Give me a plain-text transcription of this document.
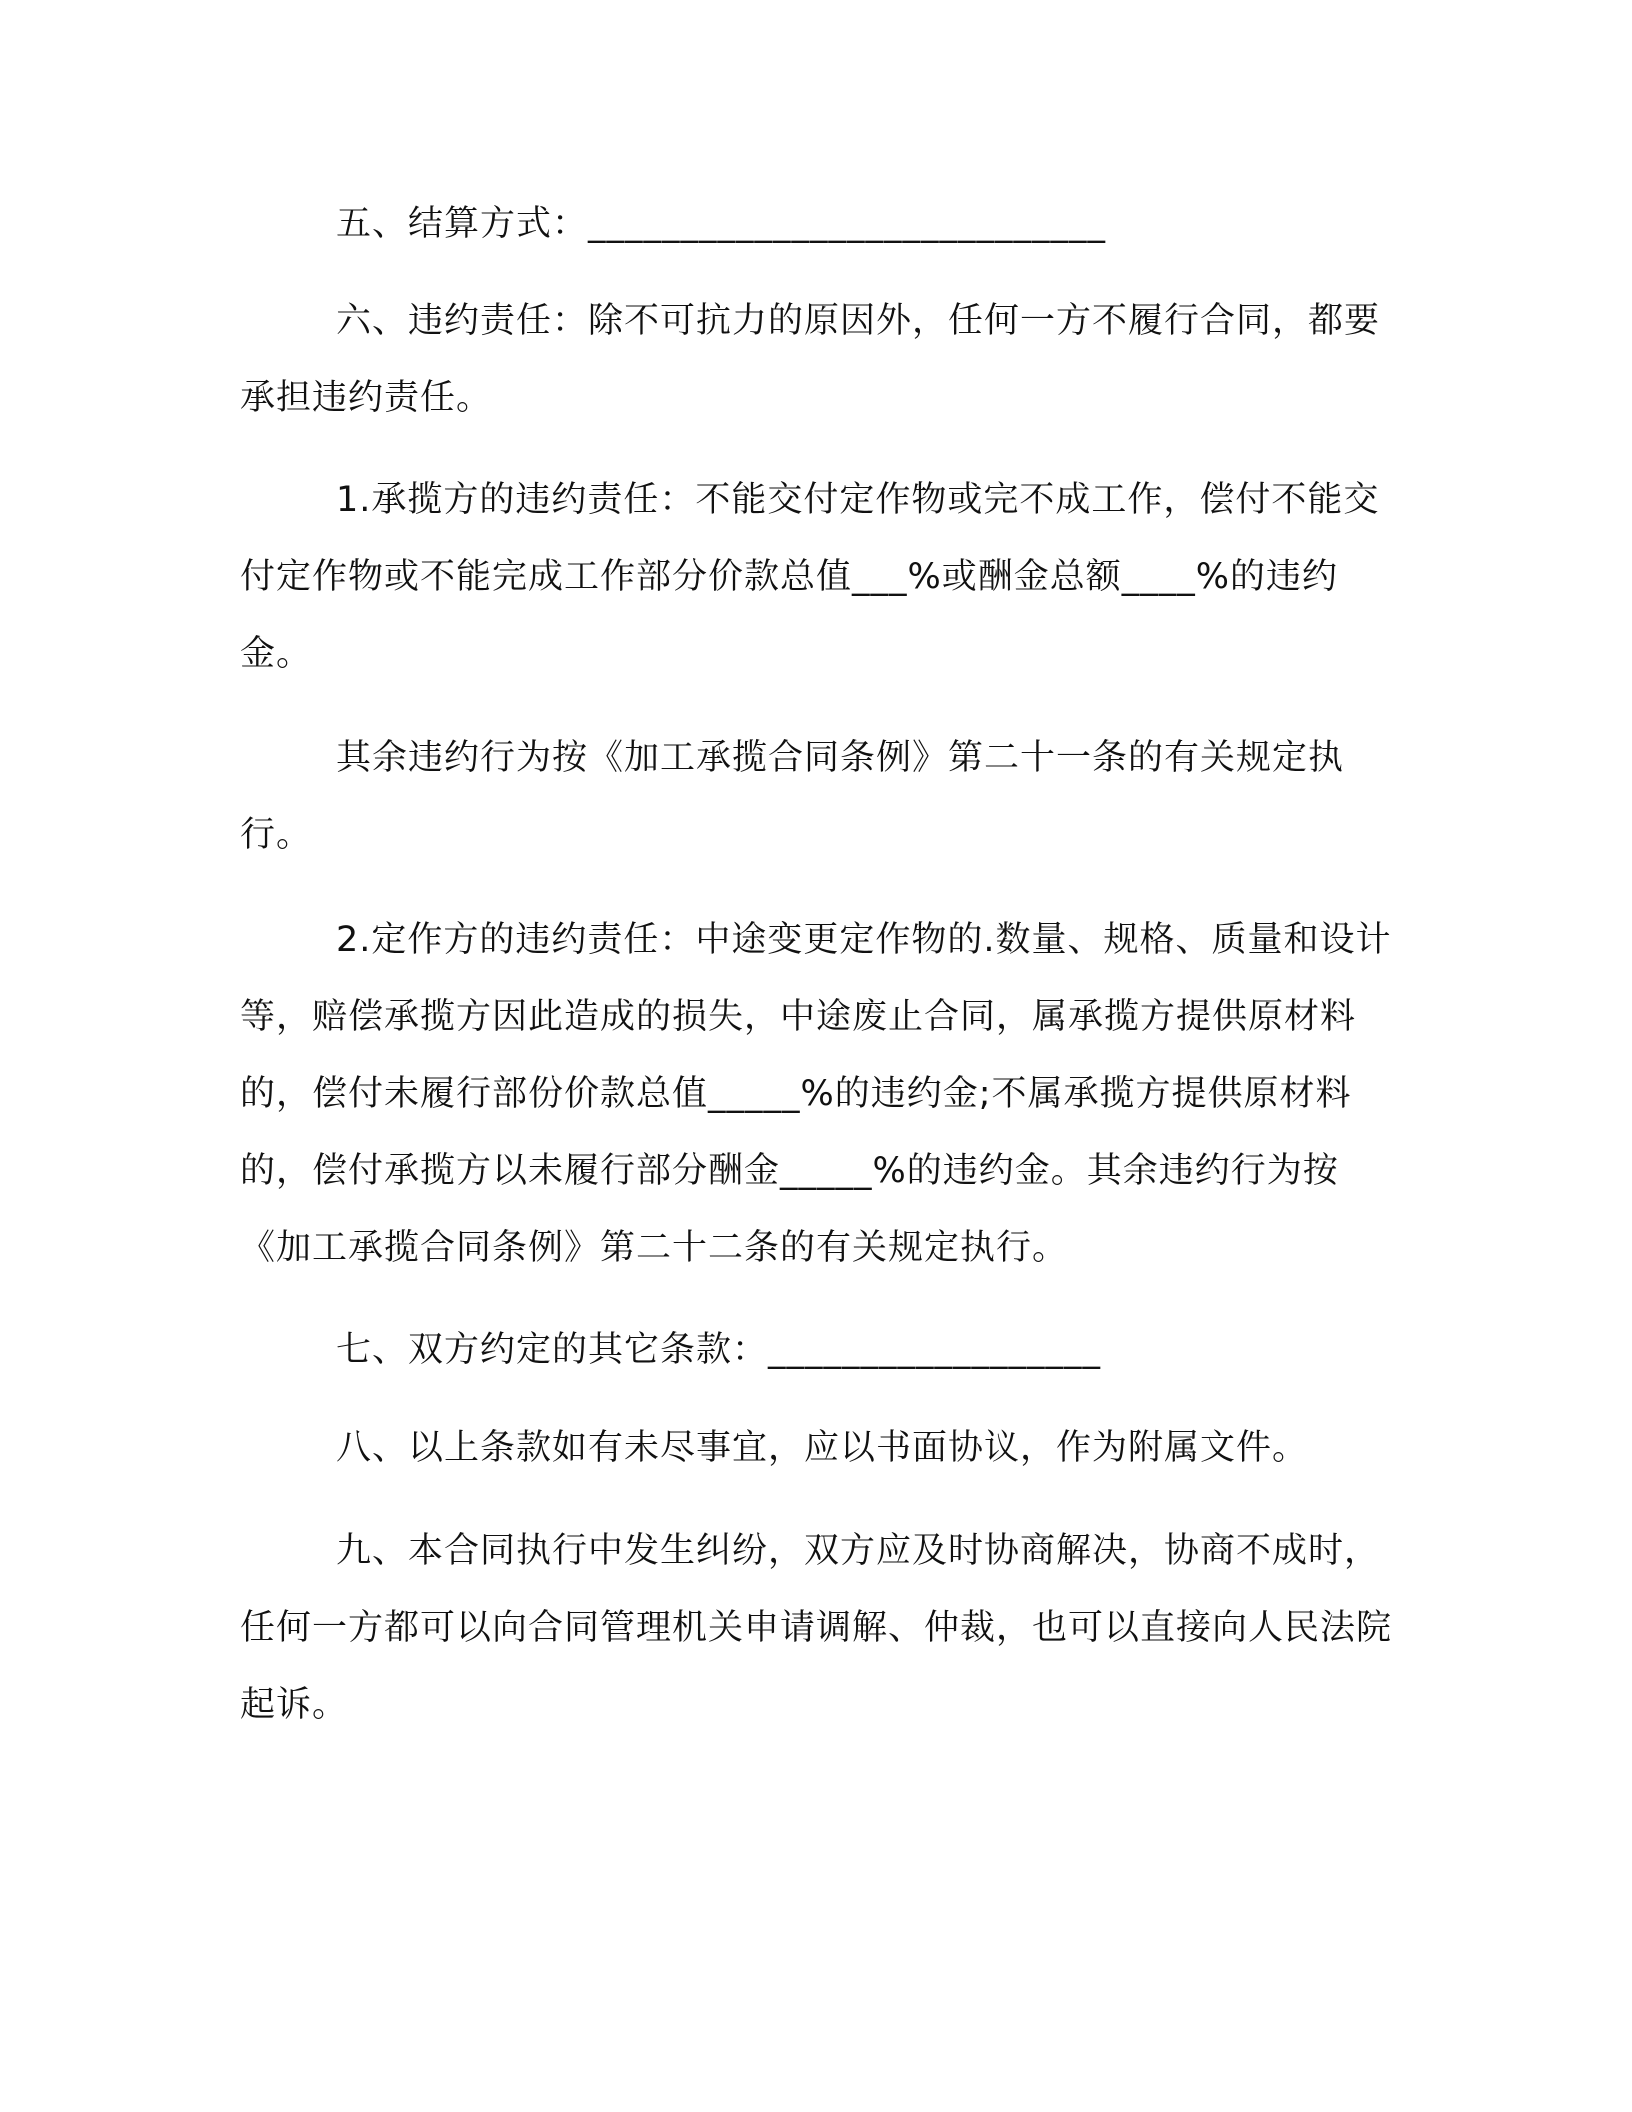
五、结算方式：____________________________

六、违约责任：除不可抗力的原因外，任何一方不履行合同，都要承担违约责任。

1.承揽方的违约责任：不能交付定作物或完不成工作，偿付不能交付定作物或不能完成工作部分价款总值___%或酬金总额____%的违约金。

其余违约行为按《加工承揽合同条例》第二十一条的有关规定执行。

2.定作方的违约责任：中途变更定作物的.数量、规格、质量和设计等，赔偿承揽方因此造成的损失，中途废止合同，属承揽方提供原材料的，偿付未履行部份价款总值_____%的违约金;不属承揽方提供原材料的，偿付承揽方以未履行部分酬金_____%的违约金。其余违约行为按《加工承揽合同条例》第二十二条的有关规定执行。

七、双方约定的其它条款：__________________

八、以上条款如有未尽事宜，应以书面协议，作为附属文件。

九、本合同执行中发生纠纷，双方应及时协商解决，协商不成时，任何一方都可以向合同管理机关申请调解、仲裁，也可以直接向人民法院起诉。
